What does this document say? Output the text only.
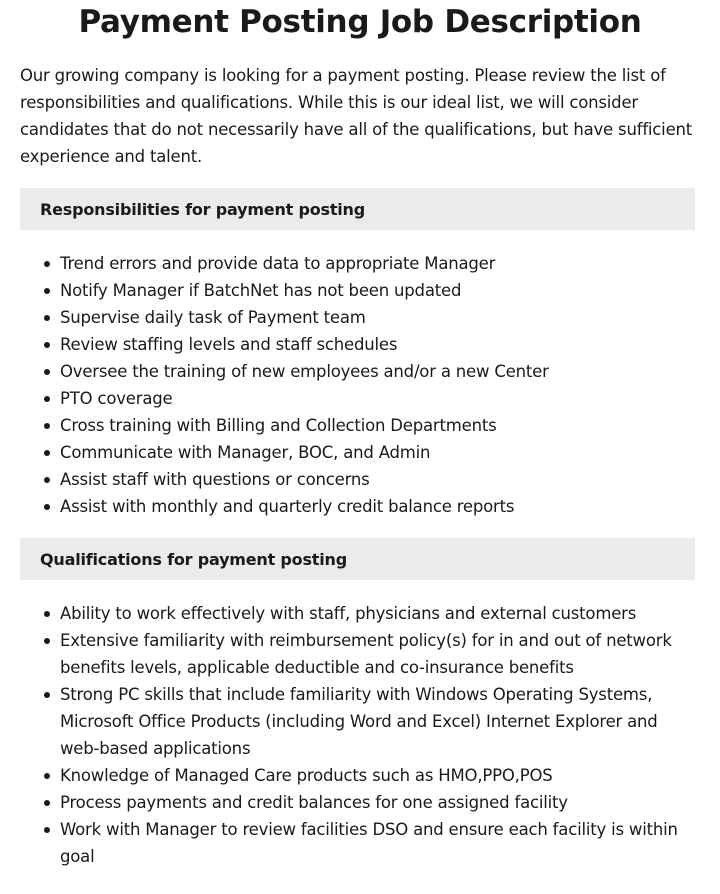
Payment Posting Job Description

Our growing company is looking for a payment posting. Please review the list of responsibilities and qualifications. While this is our ideal list, we will consider candidates that do not necessarily have all of the qualifications, but have sufficient experience and talent.

Responsibilities for payment posting
Trend errors and provide data to appropriate Manager
Notify Manager if BatchNet has not been updated
Supervise daily task of Payment team
Review staffing levels and staff schedules
Oversee the training of new employees and/or a new Center
PTO coverage
Cross training with Billing and Collection Departments
Communicate with Manager, BOC, and Admin
Assist staff with questions or concerns
Assist with monthly and quarterly credit balance reports
Qualifications for payment posting
Ability to work effectively with staff, physicians and external customers
Extensive familiarity with reimbursement policy(s) for in and out of network benefits levels, applicable deductible and co-insurance benefits
Strong PC skills that include familiarity with Windows Operating Systems, Microsoft Office Products (including Word and Excel) Internet Explorer and web-based applications
Knowledge of Managed Care products such as HMO,PPO,POS
Process payments and credit balances for one assigned facility
Work with Manager to review facilities DSO and ensure each facility is within goal
